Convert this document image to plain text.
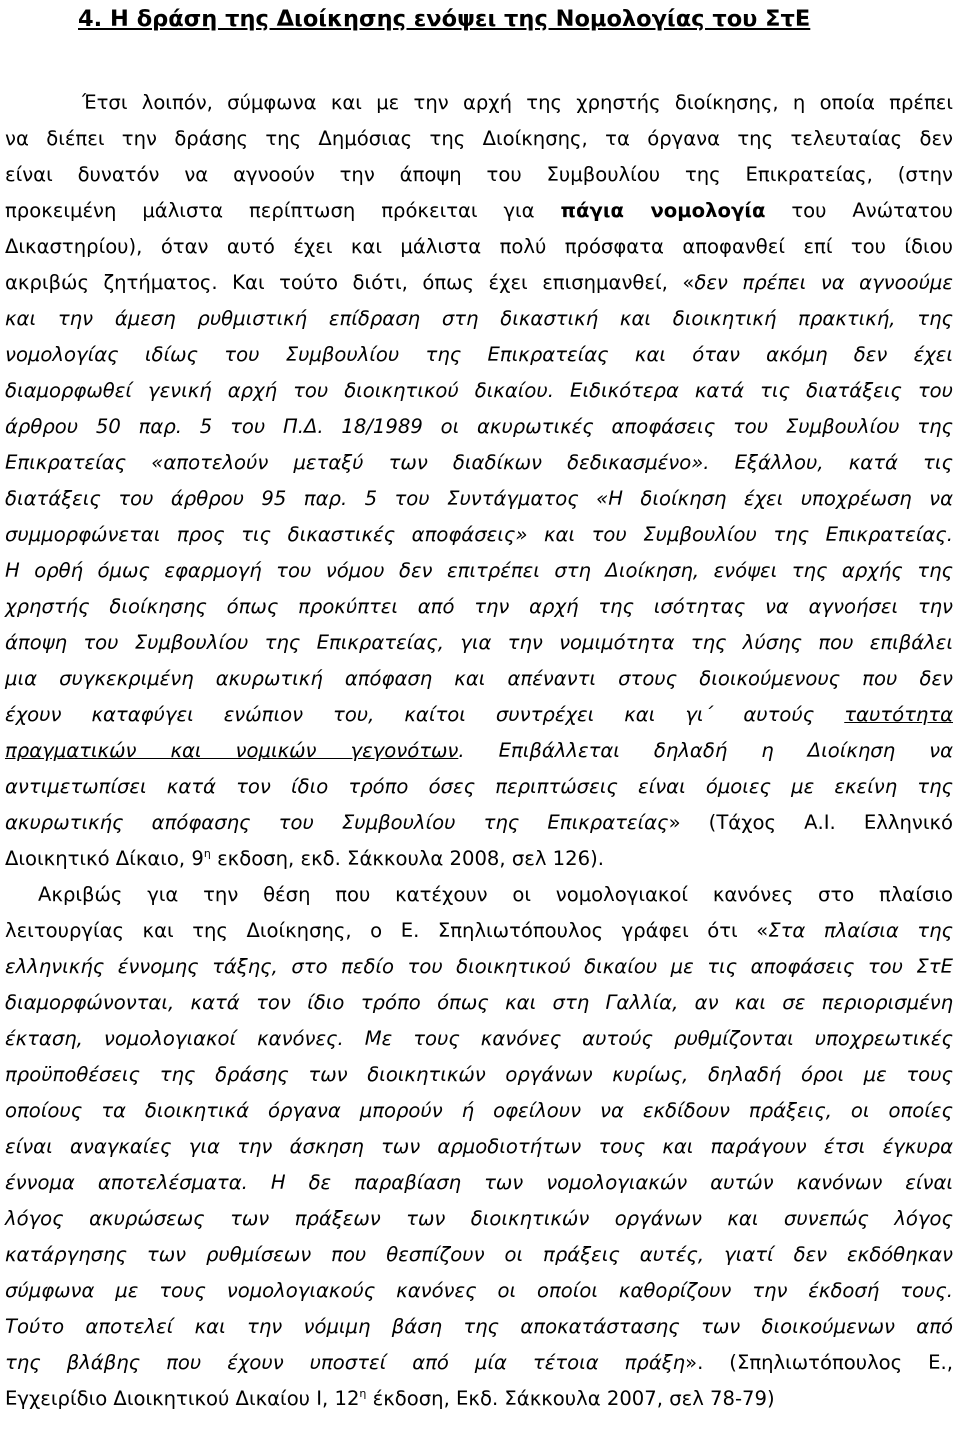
4. Η δράση της Διοίκησης ενόψει της Νομολογίας του ΣτΕ
Έτσι λοιπόν, σύμφωνα και με την αρχή της χρηστής διοίκησης, η οποία πρέπει
να διέπει την δράσης της Δημόσιας της Διοίκησης, τα όργανα της τελευταίας δεν
είναι δυνατόν να αγνοούν την άποψη του Συμβουλίου της Επικρατείας, (στην
προκειμένη μάλιστα περίπτωση πρόκειται για πάγια νομολογία του Ανώτατου
Δικαστηρίου), όταν αυτό έχει και μάλιστα πολύ πρόσφατα αποφανθεί επί του ίδιου
ακριβώς ζητήματος. Και τούτο διότι, όπως έχει επισημανθεί, «δεν πρέπει να αγνοούμε
και την άμεση ρυθμιστική επίδραση στη δικαστική και διοικητική πρακτική, της
νομολογίας ιδίως του Συμβουλίου της Επικρατείας και όταν ακόμη δεν έχει
διαμορφωθεί γενική αρχή του διοικητικού δικαίου. Ειδικότερα κατά τις διατάξεις του
άρθρου 50 παρ. 5 του Π.Δ. 18/1989 οι ακυρωτικές αποφάσεις του Συμβουλίου της
Επικρατείας «αποτελούν μεταξύ των διαδίκων δεδικασμένο». Εξάλλου, κατά τις
διατάξεις του άρθρου 95 παρ. 5 του Συντάγματος «Η διοίκηση έχει υποχρέωση να
συμμορφώνεται προς τις δικαστικές αποφάσεις» και του Συμβουλίου της Επικρατείας.
Η ορθή όμως εφαρμογή του νόμου δεν επιτρέπει στη Διοίκηση, ενόψει της αρχής της
χρηστής διοίκησης όπως προκύπτει από την αρχή της ισότητας να αγνοήσει την
άποψη του Συμβουλίου της Επικρατείας, για την νομιμότητα της λύσης που επιβάλει
μια συγκεκριμένη ακυρωτική απόφαση και απέναντι στους διοικούμενους που δεν
έχουν καταφύγει ενώπιον του, καίτοι συντρέχει και γι΄ αυτούς ταυτότητα
πραγματικών και νομικών γεγονότων. Επιβάλλεται δηλαδή η Διοίκηση να
αντιμετωπίσει κατά τον ίδιο τρόπο όσες περιπτώσεις είναι όμοιες με εκείνη της
ακυρωτικής απόφασης του Συμβουλίου της Επικρατείας» (Τάχος Α.Ι. Ελληνικό
Διοικητικό Δίκαιο, $9^\eta$ εκδοση, εκδ. Σάκκουλα 2008, σελ 126).
Ακριβώς για την θέση που κατέχουν οι νομολογιακοί κανόνες στο πλαίσιο
λειτουργίας και της Διοίκησης, ο Ε. Σπηλιωτόπουλος γράφει ότι «Στα πλαίσια της
ελληνικής έννομης τάξης, στο πεδίο του διοικητικού δικαίου με τις αποφάσεις του ΣτΕ
διαμορφώνονται, κατά τον ίδιο τρόπο όπως και στη Γαλλία, αν και σε περιορισμένη
έκταση, νομολογιακοί κανόνες. Με τους κανόνες αυτούς ρυθμίζονται υποχρεωτικές
προϋποθέσεις της δράσης των διοικητικών οργάνων κυρίως, δηλαδή όροι με τους
οποίους τα διοικητικά όργανα μπορούν ή οφείλουν να εκδίδουν πράξεις, οι οποίες
είναι αναγκαίες για την άσκηση των αρμοδιοτήτων τους και παράγουν έτσι έγκυρα
έννομα αποτελέσματα. Η δε παραβίαση των νομολογιακών αυτών κανόνων είναι
λόγος ακυρώσεως των πράξεων των διοικητικών οργάνων και συνεπώς λόγος
κατάργησης των ρυθμίσεων που θεσπίζουν οι πράξεις αυτές, γιατί δεν εκδόθηκαν
σύμφωνα με τους νομολογιακούς κανόνες οι οποίοι καθορίζουν την έκδοσή τους.
Τούτο αποτελεί και την νόμιμη βάση της αποκατάστασης των διοικούμενων από
της βλάβης που έχουν υποστεί από μία τέτοια πράξη». (Σπηλιωτόπουλος Ε.,
Εγχειρίδιο Διοικητικού Δικαίου Ι, $12^\eta$ έκδοση, Εκδ. Σάκκουλα 2007, σελ 78-79)
